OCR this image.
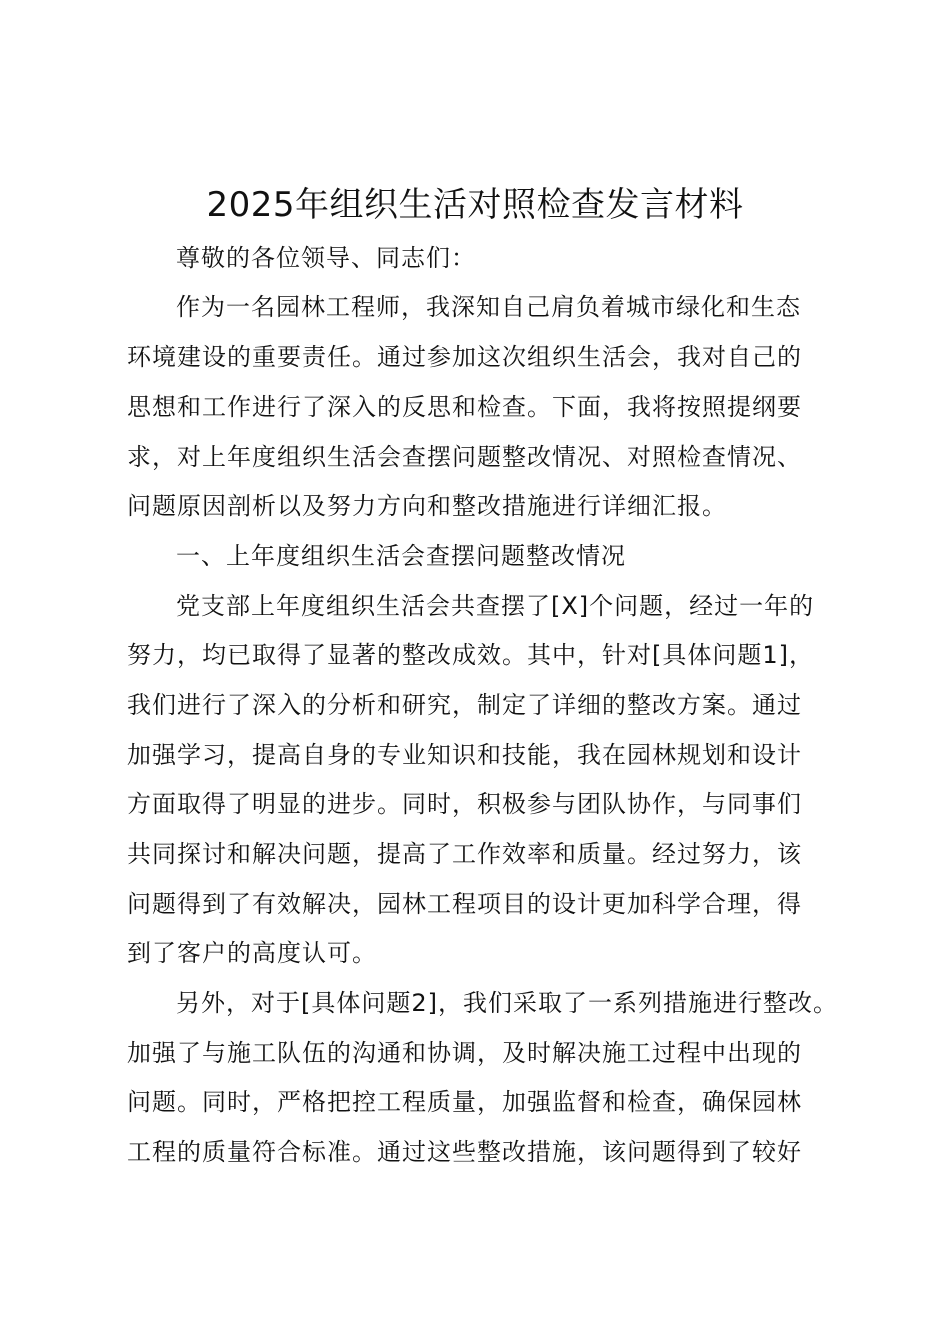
2025年组织生活对照检查发言材料
尊敬的各位领导、同志们：
作为一名园林工程师，我深知自己肩负着城市绿化和生态
环境建设的重要责任。通过参加这次组织生活会，我对自己的
思想和工作进行了深入的反思和检查。下面，我将按照提纲要
求，对上年度组织生活会查摆问题整改情况、对照检查情况、
问题原因剖析以及努力方向和整改措施进行详细汇报。
一、上年度组织生活会查摆问题整改情况
党支部上年度组织生活会共查摆了[X]个问题，经过一年的
努力，均已取得了显著的整改成效。其中，针对[具体问题1]，
我们进行了深入的分析和研究，制定了详细的整改方案。通过
加强学习，提高自身的专业知识和技能，我在园林规划和设计
方面取得了明显的进步。同时，积极参与团队协作，与同事们
共同探讨和解决问题，提高了工作效率和质量。经过努力，该
问题得到了有效解决，园林工程项目的设计更加科学合理，得
到了客户的高度认可。
另外，对于[具体问题2]，我们采取了一系列措施进行整改。
加强了与施工队伍的沟通和协调，及时解决施工过程中出现的
问题。同时，严格把控工程质量，加强监督和检查，确保园林
工程的质量符合标准。通过这些整改措施，该问题得到了较好
